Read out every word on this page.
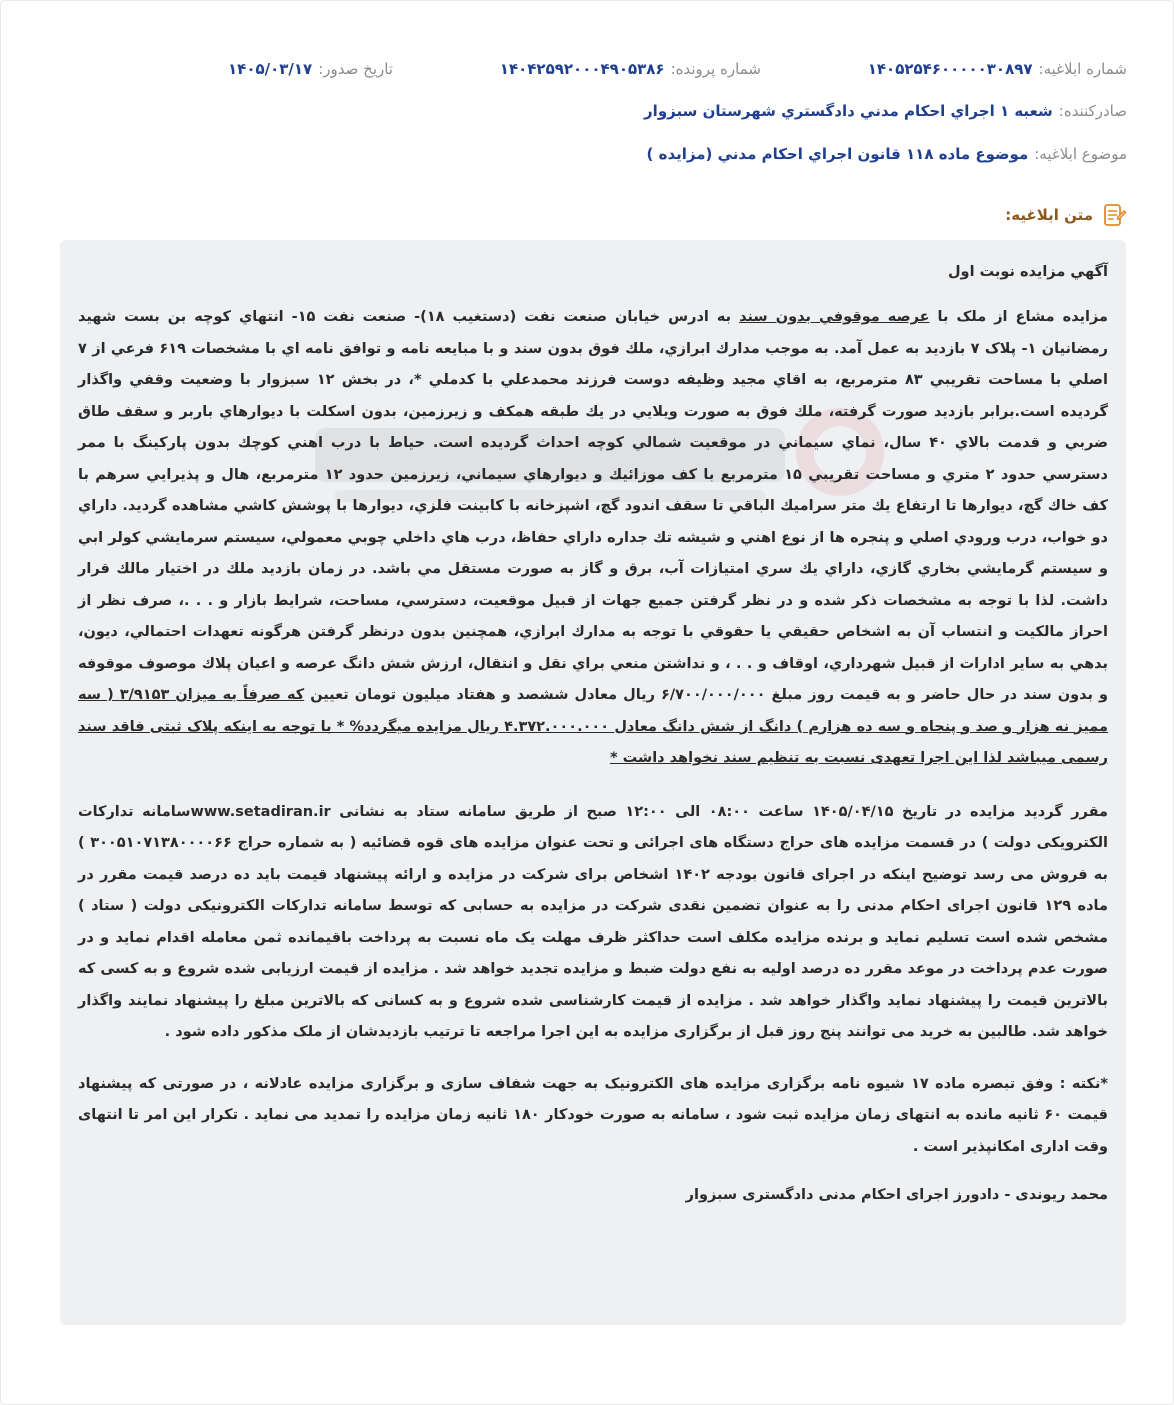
شماره ابلاغيه:
۱۴۰۵۲۵۴۶۰۰۰۰۰۳۰۸۹۷
شماره پرونده:
۱۴۰۴۲۵۹۲۰۰۰۴۹۰۵۳۸۶
تاریخ صدور:
۱۴۰۵/۰۳/۱۷
صادرکننده:
شعبه ۱ اجراي احکام مدني دادگستري شهرستان سبزوار
موضوع ابلاغيه:
موضوع ماده ۱۱۸ قانون اجراي احکام مدني (مزايده )
متن ابلاغيه:

آگهي مزايده نوبت اول

مزايده مشاع از ملک با عرصه موقوفي بدون سند به ادرس خيابان صنعت نفت (دستغيب ۱۸)- صنعت نفت ۱۵- انتهاي کوچه بن بست شهيد رمضانيان ۱- پلاک ۷ بازديد به عمل آمد. به موجب مدارك ابرازي، ملك فوق بدون سند و با مبايعه نامه و توافق نامه اي با مشخصات ۶۱۹ فرعي از ۷ اصلي با مساحت تقريبي ۸۳ مترمربع، به اقاي مجيد وظيفه دوست فرزند محمدعلي با كدملي *، در بخش ۱۲ سبزوار با وضعيت وقفي واگذار گرديده است.برابر بازديد صورت گرفته، ملك فوق به صورت ويلايي در يك طبقه همكف و زيرزمين، بدون اسكلت با ديوارهاي باربر و سقف طاق ضربي و قدمت بالاي ۴۰ سال، نماي سيماني در موقعيت شمالي كوچه احداث گرديده است. حياط با درب اهني كوچك بدون پاركينگ با ممر دسترسي حدود ۲ متري و مساحت تقريبي ۱۵ مترمربع با كف موزائيك و ديوارهاي سيماني، زيرزمين حدود ۱۲ مترمربع، هال و پذيرايي سرهم با كف خاك گچ، ديوارها تا ارتفاع يك متر سراميك الباقي تا سقف اندود گچ، اشپزخانه با كابينت فلزي، ديوارها با پوشش كاشي مشاهده گرديد. داراي دو خواب، درب ورودي اصلي و پنجره ها از نوع اهني و شيشه تك جداره داراي حفاظ، درب هاي داخلي چوبي معمولي، سيستم سرمايشي كولر ابي و سيستم گرمايشي بخاري گازي، داراي يك سري امتيازات آب، برق و گاز به صورت مستقل مي باشد. در زمان بازديد ملك در اختيار مالك قرار داشت. لذا با توجه به مشخصات ذكر شده و در نظر گرفتن جميع جهات از قبيل موقعيت، دسترسي، مساحت، شرايط بازار و . . .، صرف نظر از احراز مالكيت و انتساب آن به اشخاص حقيقي يا حقوقي با توجه به مدارك ابرازي، همچنين بدون درنظر گرفتن هرگونه تعهدات احتمالي، ديون، بدهي به ساير ادارات از قبيل شهرداري، اوقاف و . . ، و نداشتن منعي براي نقل و انتقال، ارزش شش دانگ عرصه و اعيان پلاك موصوف موقوفه و بدون سند در حال حاضر و به قيمت روز مبلغ ۶/۷۰۰/۰۰۰/۰۰۰ ريال معادل ششصد و هفتاد ميليون تومان تعيين كه صرفاً به ميزان ۳/۹۱۵۳ ( سه مميز نه هزار و صد و پنجاه و سه ده هزارم ) دانگ از شش دانگ معادل ۴.۳۷۲.۰۰۰.۰۰۰ ريال مزايده ميگردد% * با توجه به اينکه پلاک ثبتی فاقد سند رسمی ميباشد لذا اين اجرا تعهدی نسبت به تنظيم سند نخواهد داشت *

مقرر گرديد مزايده در تاريخ ۱۴۰۵/۰۴/۱۵ ساعت ۰۸:۰۰ الی ۱۲:۰۰ صبح از طريق سامانه ستاد به نشانی www.setadiran.irسامانه تدارکات الکترويکی دولت ) در قسمت مزايده های حراج دستگاه های اجرائی و تحت عنوان مزايده های قوه قضائيه ( به شماره حراج ۳۰۰۵۱۰۷۱۳۸۰۰۰۰۶۶ ) به فروش می رسد توضيح اينکه در اجرای قانون بودجه ۱۴۰۲ اشخاص برای شرکت در مزايده و ارائه پيشنهاد قيمت بايد ده درصد قيمت مقرر در ماده ۱۲۹ قانون اجرای احکام مدنی را به عنوان تضمين نقدی شرکت در مزايده به حسابی که توسط سامانه تدارکات الکترونيکی دولت ( ستاد ) مشخص شده است تسليم نمايد و برنده مزايده مکلف است حداکثر ظرف مهلت يک ماه نسبت به پرداخت باقيمانده ثمن معامله اقدام نمايد و در صورت عدم پرداخت در موعد مقرر ده درصد اوليه به نفع دولت ضبط و مزايده تجديد خواهد شد . مزايده از قيمت ارزيابی شده شروع و به کسی که بالاترين قيمت را پيشنهاد نمايد واگذار خواهد شد . مزايده از قيمت کارشناسی شده شروع و به کسانی که بالاترين مبلغ را پيشنهاد نمايند واگذار خواهد شد. طالبين به خريد می توانند پنج روز قبل از برگزاری مزايده به اين اجرا مراجعه تا ترتيب بازديدشان از ملک مذکور داده شود .

*نکته : وفق تبصره ماده ۱۷ شيوه نامه برگزاری مزايده های الکترونيک به جهت شفاف سازی و برگزاری مزايده عادلانه ، در صورتی که پيشنهاد قيمت ۶۰ ثانيه مانده به انتهای زمان مزايده ثبت شود ، سامانه به صورت خودکار ۱۸۰ ثانيه زمان مزايده را تمديد می نمايد . تکرار اين امر تا انتهای وقت اداری امکانپذير است .

محمد ريوندی - دادورز اجرای احکام مدنی دادگستری سبزوار
